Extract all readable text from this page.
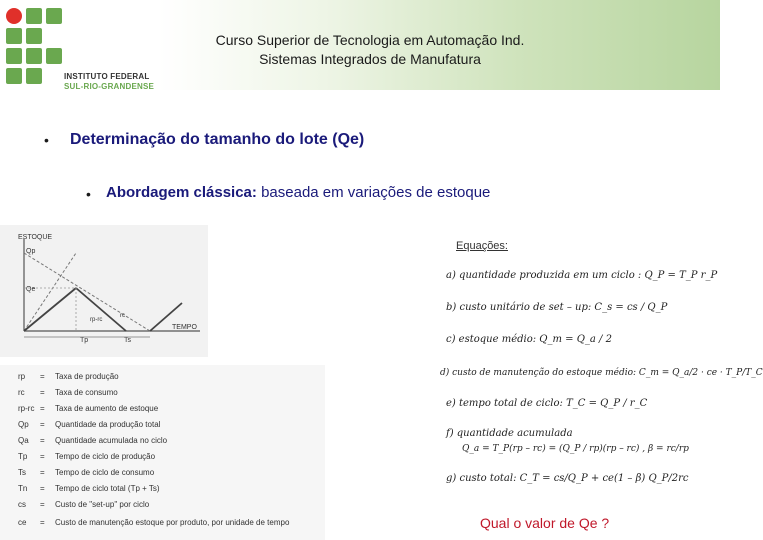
INSTITUTO FEDERAL
SUL-RIO-GRANDENSE
Curso Superior de Tecnologia em Automação Ind.
Sistemas Integrados de Manufatura
• Determinação do tamanho do lote (Qe)
• Abordagem clássica: baseada em variações de estoque
ESTOQUE
Qp
Qe
rp-rc
rc
TEMPO
Tp	Ts
rp = Taxa de produção
rc = Taxa de consumo
rp-rc = Taxa de aumento de estoque
Qp = Quantidade da produção total
Qa = Quantidade acumulada no ciclo
Tp = Tempo de ciclo de produção
Ts = Tempo de ciclo de consumo
Tn = Tempo de ciclo total (Tp + Ts)
cs = Custo de "set-up" por ciclo
ce = Custo de manutenção estoque por produto, por unidade de tempo
Equações:
a) quantidade produzida em um ciclo : Q_P = T_P r_P
b) custo unitário de set – up: C_s = cs / Q_P
c) estoque médio: Q_m = Q_a / 2
d) custo de manutenção do estoque médio: C_m = Q_a/2 · ce · T_P/T_C
e) tempo total de ciclo: T_C = Q_P / r_C
f) quantidade acumulada
Q_a = T_P(rp – rc) = (Q_P / rp)(rp – rc) , β = rc/rp
g) custo total: C_T = cs/Q_P + ce(1 – β) Q_P/2rc
Qual o valor de Qe ?
